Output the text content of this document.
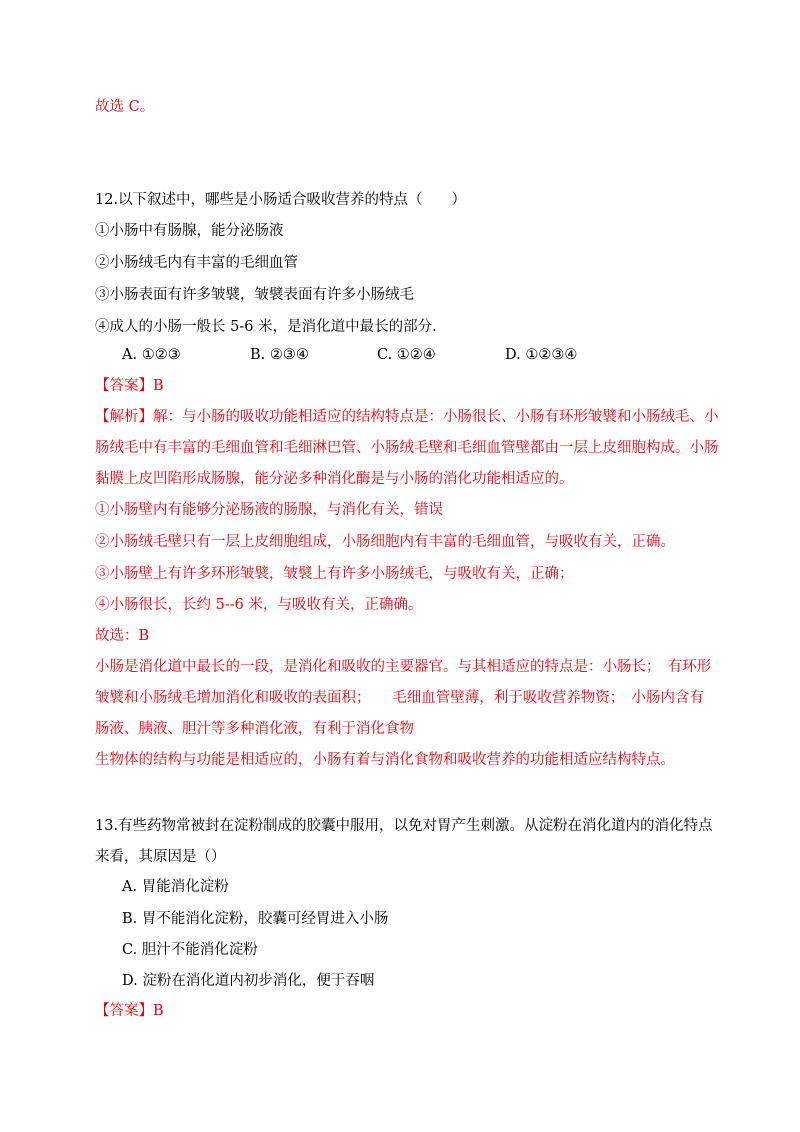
故选 C。
12.以下叙述中，哪些是小肠适合吸收营养的特点（　　）
①小肠中有肠腺，能分泌肠液
②小肠绒毛内有丰富的毛细血管
③小肠表面有许多皱襞，皱襞表面有许多小肠绒毛
④成人的小肠一般长 5-6 米，是消化道中最长的部分.
A. ①②③	B. ②③④	C. ①②④	D. ①②③④
【答案】B
【解析】解：与小肠的吸收功能相适应的结构特点是：小肠很长、小肠有环形皱襞和小肠绒毛、小
肠绒毛中有丰富的毛细血管和毛细淋巴管、小肠绒毛壁和毛细血管壁都由一层上皮细胞构成。小肠
黏膜上皮凹陷形成肠腺，能分泌多种消化酶是与小肠的消化功能相适应的。
①小肠壁内有能够分泌肠液的肠腺，与消化有关，错误
②小肠绒毛壁只有一层上皮细胞组成，小肠细胞内有丰富的毛细血管，与吸收有关，正确。
③小肠壁上有许多环形皱襞，皱襞上有许多小肠绒毛，与吸收有关，正确；
④小肠很长，长约 5--6 米，与吸收有关，正确确。
故选：B
小肠是消化道中最长的一段，是消化和吸收的主要器官。与其相适应的特点是：小肠长；　有环形
皱襞和小肠绒毛增加消化和吸收的表面积；　　毛细血管壁薄，利于吸收营养物资；　小肠内含有
肠液、胰液、胆汁等多种消化液，有利于消化食物
生物体的结构与功能是相适应的，小肠有着与消化食物和吸收营养的功能相适应结构特点。
13.有些药物常被封在淀粉制成的胶囊中服用，以免对胃产生刺激。从淀粉在消化道内的消化特点
来看，其原因是（）
A. 胃能消化淀粉
B. 胃不能消化淀粉，胶囊可经胃进入小肠
C. 胆汁不能消化淀粉
D. 淀粉在消化道内初步消化，便于吞咽
【答案】B
